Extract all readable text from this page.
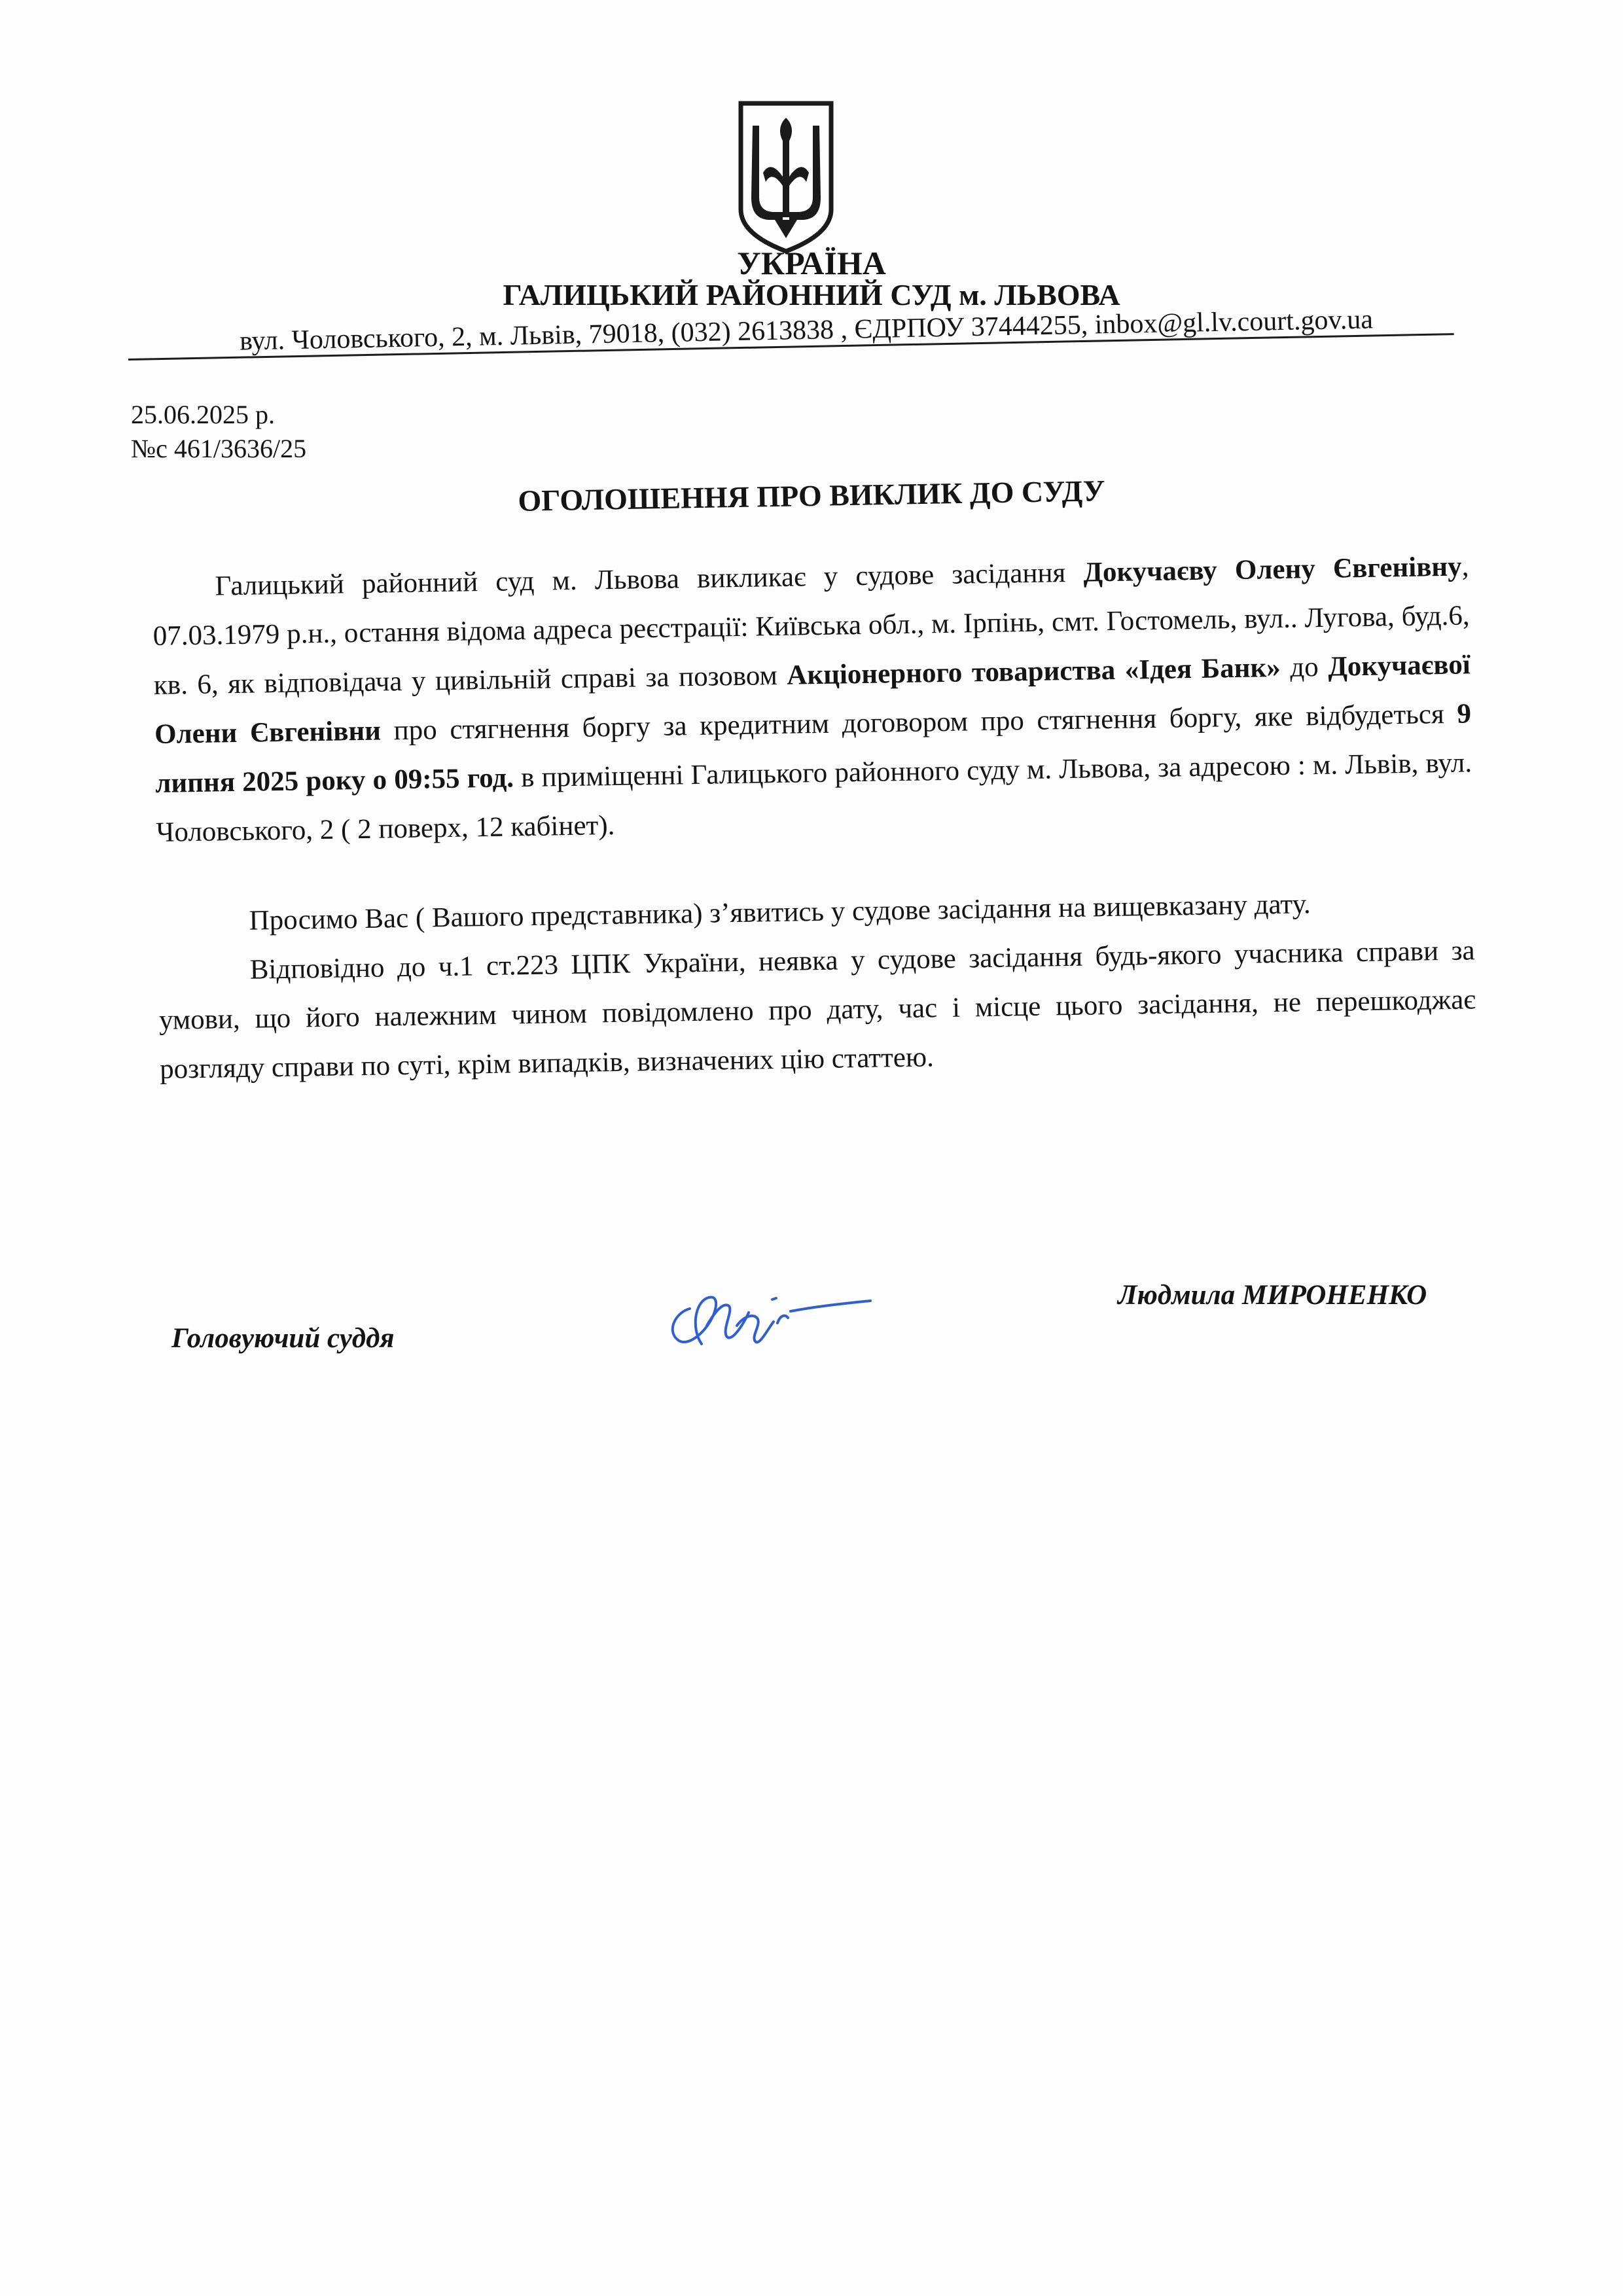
УКРАЇНА
ГАЛИЦЬКИЙ РАЙОННИЙ СУД м. ЛЬВОВА
вул. Чоловського, 2, м. Львів, 79018, (032) 2613838 , ЄДРПОУ 37444255, inbox@gl.lv.court.gov.ua
25.06.2025 р.
№с 461/3636/25
ОГОЛОШЕННЯ ПРО ВИКЛИК ДО СУДУ

Галицький районний суд м. Львова викликає у судове засідання Докучаєву Олену Євгенівну, 07.03.1979 р.н., остання відома адреса реєстрації: Київська обл., м. Ірпінь, смт. Гостомель, вул.. Лугова, буд.6, кв. 6, як відповідача у цивільній справі за позовом Акціонерного товариства «Ідея Банк» до Докучаєвої Олени Євгенівни про стягнення боргу за кредитним договором про стягнення боргу, яке відбудеться 9 липня 2025 року о 09:55 год. в приміщенні Галицького районного суду м. Львова, за адресою : м. Львів, вул. Чоловського, 2 ( 2 поверх, 12 кабінет).

Просимо Вас ( Вашого представника) з’явитись у судове засідання на вищевказану дату.

Відповідно до ч.1 ст.223 ЦПК України, неявка у судове засідання будь-якого учасника справи за умови, що його належним чином повідомлено про дату, час і місце цього засідання, не перешкоджає розгляду справи по суті, крім випадків, визначених цію статтею.

Головуючий суддя
Людмила МИРОНЕНКО
